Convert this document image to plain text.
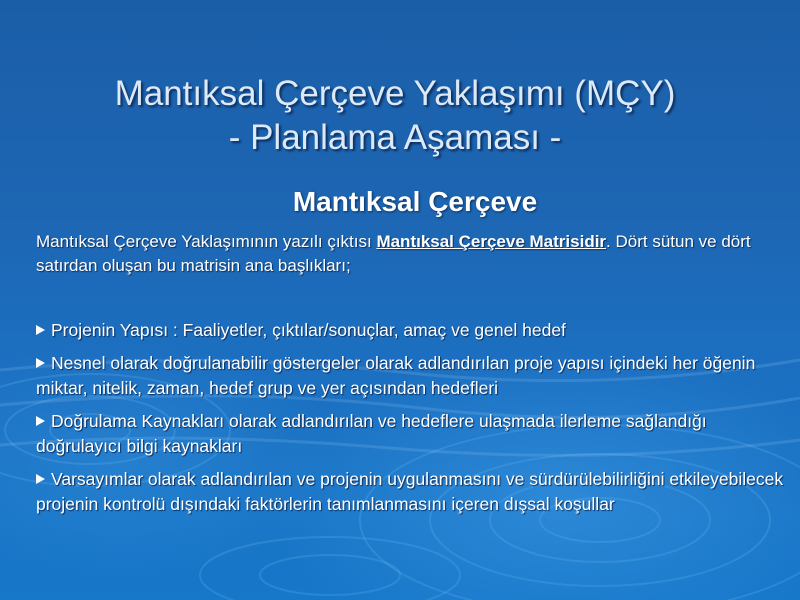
Mantıksal Çerçeve Yaklaşımı (MÇY)
- Planlama Aşaması -
Mantıksal Çerçeve
Mantıksal Çerçeve Yaklaşımının yazılı çıktısı Mantıksal Çerçeve Matrisidir. Dört sütun ve dört satırdan oluşan bu matrisin ana başlıkları;
Projenin Yapısı : Faaliyetler, çıktılar/sonuçlar, amaç ve genel hedef
Nesnel olarak doğrulanabilir göstergeler olarak adlandırılan proje yapısı içindeki her öğenin miktar, nitelik, zaman, hedef grup ve yer açısından hedefleri
Doğrulama Kaynakları olarak adlandırılan ve hedeflere ulaşmada ilerleme sağlandığı doğrulayıcı bilgi kaynakları
Varsayımlar olarak adlandırılan ve projenin uygulanmasını ve sürdürülebilirliğini etkileyebilecek projenin kontrolü dışındaki faktörlerin tanımlanmasını içeren dışsal koşullar
